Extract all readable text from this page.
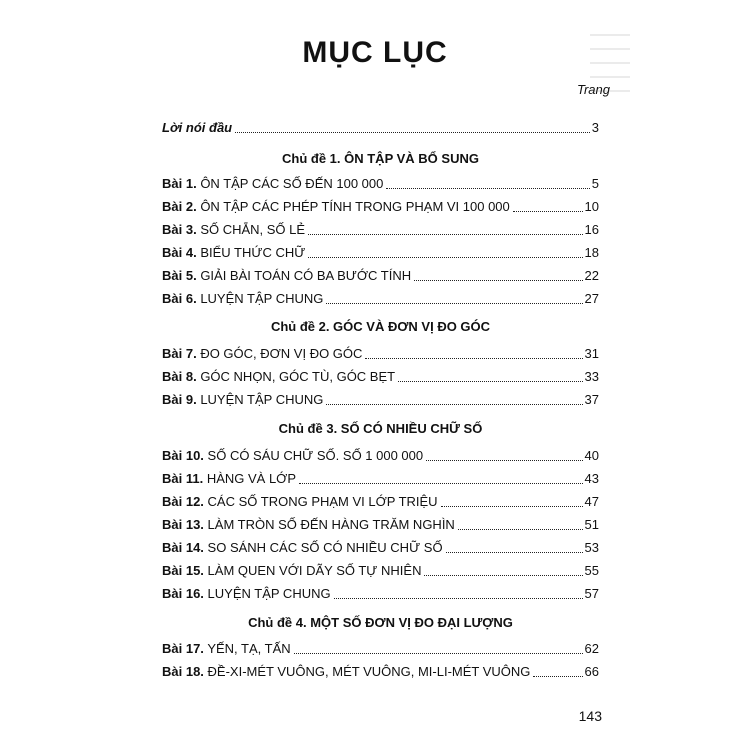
MỤC LỤC
Trang
Lời nói đầu	3
Chủ đề 1. ÔN TẬP VÀ BỔ SUNG
Bài 1. ÔN TẬP CÁC SỐ ĐẾN 100 000	5
Bài 2. ÔN TẬP CÁC PHÉP TÍNH TRONG PHẠM VI 100 000	10
Bài 3. SỐ CHẴN, SỐ LẺ	16
Bài 4. BIỂU THỨC CHỮ	18
Bài 5. GIẢI BÀI TOÁN CÓ BA BƯỚC TÍNH	22
Bài 6. LUYỆN TẬP CHUNG	27
Chủ đề 2. GÓC VÀ ĐƠN VỊ ĐO GÓC
Bài 7. ĐO GÓC, ĐƠN VỊ ĐO GÓC	31
Bài 8. GÓC NHỌN, GÓC TÙ, GÓC BẸT	33
Bài 9. LUYỆN TẬP CHUNG	37
Chủ đề 3. SỐ CÓ NHIỀU CHỮ SỐ
Bài 10. SỐ CÓ SÁU CHỮ SỐ. SỐ 1 000 000	40
Bài 11. HÀNG VÀ LỚP	43
Bài 12. CÁC SỐ TRONG PHẠM VI LỚP TRIỆU	47
Bài 13. LÀM TRÒN SỐ ĐẾN HÀNG TRĂM NGHÌN	51
Bài 14. SO SÁNH CÁC SỐ CÓ NHIỀU CHỮ SỐ	53
Bài 15. LÀM QUEN VỚI DÃY SỐ TỰ NHIÊN	55
Bài 16. LUYỆN TẬP CHUNG	57
Chủ đề 4. MỘT SỐ ĐƠN VỊ ĐO ĐẠI LƯỢNG
Bài 17. YẾN, TẠ, TẤN	62
Bài 18. ĐỀ-XI-MÉT VUÔNG, MÉT VUÔNG, MI-LI-MÉT VUÔNG	66
143
